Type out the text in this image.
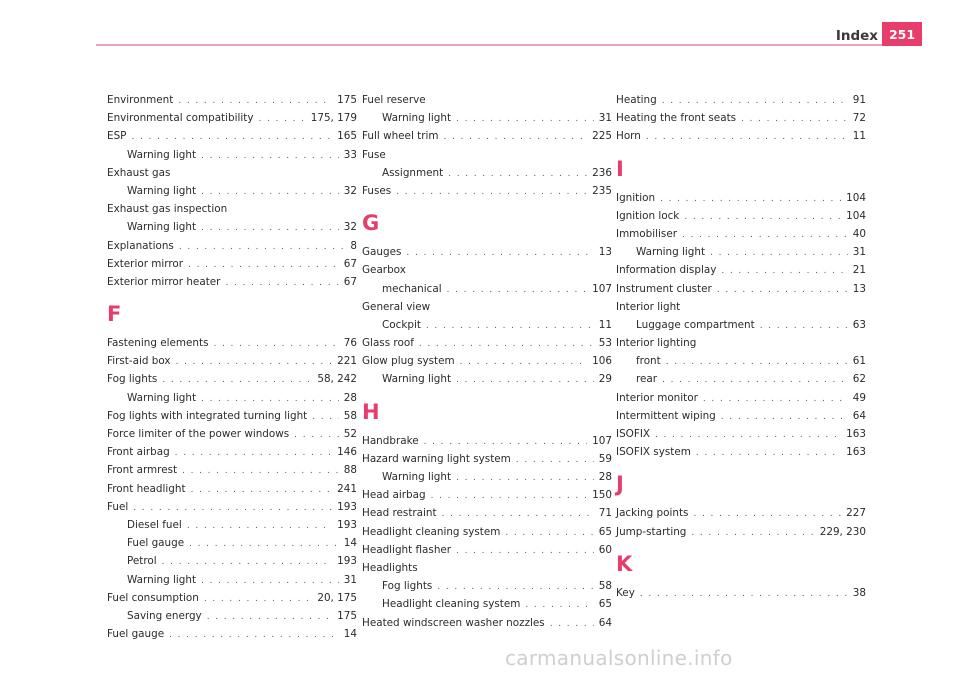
Index 251
Environment . . .	175
Environmental compatibility . . .	175, 179
ESP . . .	165
Warning light . . .	33
Exhaust gas
Warning light . . .	32
Exhaust gas inspection
Warning light . . .	32
Explanations . . .	8
Exterior mirror . . .	67
Exterior mirror heater . . .	67
F
Fastening elements . . .	76
First-aid box . . .	221
Fog lights . . .	58, 242
Warning light . . .	28
Fog lights with integrated turning light . . .	58
Force limiter of the power windows . . .	52
Front airbag . . .	146
Front armrest . . .	88
Front headlight . . .	241
Fuel . . .	193
Diesel fuel . . .	193
Fuel gauge . . .	14
Petrol . . .	193
Warning light . . .	31
Fuel consumption . . .	20, 175
Saving energy . . .	175
Fuel gauge . . .	14
Fuel reserve
Warning light . . .	31
Full wheel trim . . .	225
Fuse
Assignment . . .	236
Fuses . . .	235
G
Gauges . . .	13
Gearbox
mechanical . . .	107
General view
Cockpit . . .	11
Glass roof . . .	53
Glow plug system . . .	106
Warning light . . .	29
H
Handbrake . . .	107
Hazard warning light system . . .	59
Warning light . . .	28
Head airbag . . .	150
Head restraint . . .	71
Headlight cleaning system . . .	65
Headlight flasher . . .	60
Headlights
Fog lights . . .	58
Headlight cleaning system . . .	65
Heated windscreen washer nozzles . . .	64
Heating . . .	91
Heating the front seats . . .	72
Horn . . .	11
I
Ignition . . .	104
Ignition lock . . .	104
Immobiliser . . .	40
Warning light . . .	31
Information display . . .	21
Instrument cluster . . .	13
Interior light
Luggage compartment . . .	63
Interior lighting
front . . .	61
rear . . .	62
Interior monitor . . .	49
Intermittent wiping . . .	64
ISOFIX . . .	163
ISOFIX system . . .	163
J
Jacking points . . .	227
Jump-starting . . .	229, 230
K
Key . . .	38
carmanualsonline.info
